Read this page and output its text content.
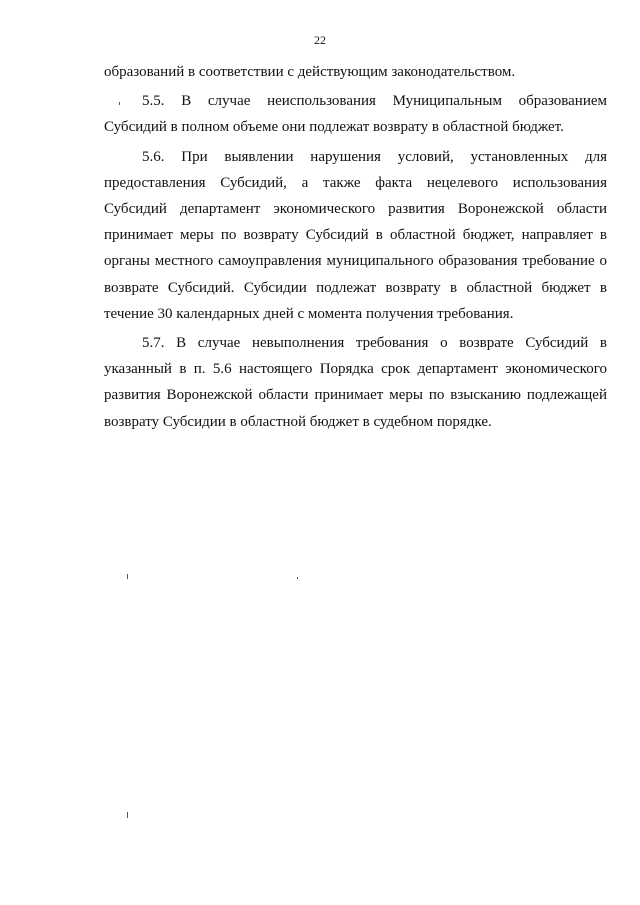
22
образований в соответствии с действующим законодательством.
5.5. В случае неиспользования Муниципальным образованием
Субсидий в полном объеме они подлежат возврату в областной бюджет.
5.6. При выявлении нарушения условий, установленных для
предоставления Субсидий, а также факта нецелевого использования
Субсидий департамент экономического развития Воронежской области
принимает меры по возврату Субсидий в областной бюджет, направляет в
органы местного самоуправления муниципального образования требование о
возврате Субсидий. Субсидии подлежат возврату в областной бюджет в
течение 30 календарных дней с момента получения требования.
5.7. В случае невыполнения требования о возврате Субсидий в
указанный в п. 5.6 настоящего Порядка срок департамент экономического
развития Воронежской области принимает меры по взысканию подлежащей
возврату Субсидии в областной бюджет в судебном порядке.
